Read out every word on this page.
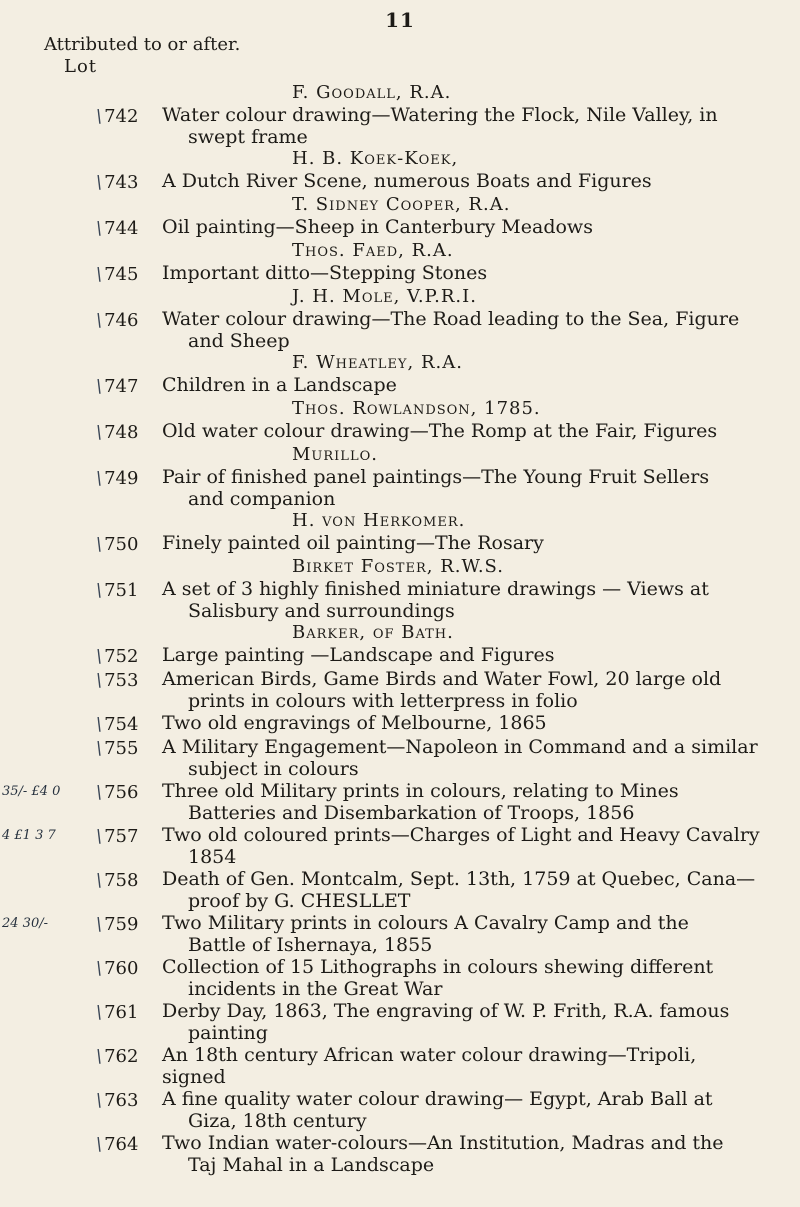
11
Attributed to or after.
Lot
F. Goodall, R.A.
\ 742	Water colour drawing—Watering the Flock, Nile Valley, in

swept frame
H. B. Koek-Koek,
\ 743	A Dutch River Scene, numerous Boats and Figures
T. Sidney Cooper, R.A.
\ 744	Oil painting—Sheep in Canterbury Meadows
Thos. Faed, R.A.
\ 745	Important ditto—Stepping Stones
J. H. Mole, V.P.R.I.
\ 746	Water colour drawing—The Road leading to the Sea, Figure

and Sheep
F. Wheatley, R.A.
\ 747	Children in a Landscape
Thos. Rowlandson, 1785.
\ 748	Old water colour drawing—The Romp at the Fair, Figures
Murillo.
\ 749	Pair of finished panel paintings—The Young Fruit Sellers

and companion
H. von Herkomer.
\ 750	Finely painted oil painting—The Rosary
Birket Foster, R.W.S.
\ 751	A set of 3 highly finished miniature drawings — Views at

Salisbury and surroundings
Barker, of Bath.
\ 752	Large painting —Landscape and Figures
\ 753	American Birds, Game Birds and Water Fowl, 20 large old

prints in colours with letterpress in folio
\ 754	Two old engravings of Melbourne, 1865
\ 755	A Military Engagement—Napoleon in Command and a similar

subject in colours
35/- £4 0 \ 756	Three old Military prints in colours, relating to Mines

Batteries and Disembarkation of Troops, 1856
4 £1 3 7	\ 757	Two old coloured prints—Charges of Light and Heavy Cavalry

1854
\ 758	Death of Gen. Montcalm, Sept. 13th, 1759 at Quebec, Cana—

proof by G. CHESLLET
24 30/-	\ 759	Two Military prints in colours A Cavalry Camp and the

Battle of Ishernaya, 1855
\ 760	Collection of 15 Lithographs in colours shewing different

incidents in the Great War
\ 761	Derby Day, 1863, The engraving of W. P. Frith, R.A. famous

painting
\ 762	An 18th century African water colour drawing—Tripoli, signed
\ 763	A fine quality water colour drawing— Egypt, Arab Ball at

Giza, 18th century
\ 764	Two Indian water-colours—An Institution, Madras and the

Taj Mahal in a Landscape
